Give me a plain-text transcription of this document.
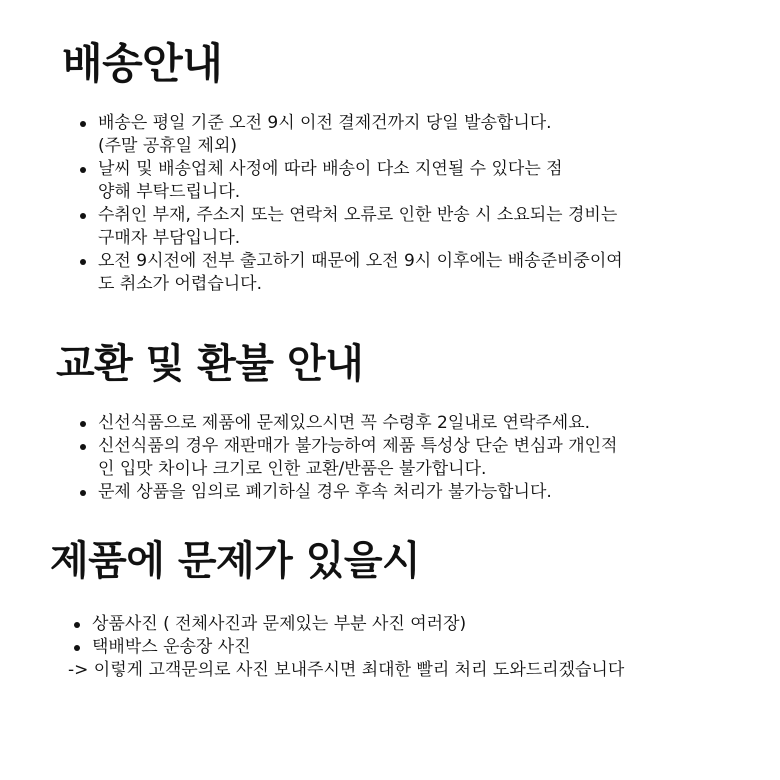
배송안내
배송은 평일 기준 오전 9시 이전 결제건까지 당일 발송합니다.
(주말 공휴일 제외)
날씨 및 배송업체 사정에 따라 배송이 다소 지연될 수 있다는 점
양해 부탁드립니다.
수취인 부재, 주소지 또는 연락처 오류로 인한 반송 시 소요되는 경비는
구매자 부담입니다.
오전 9시전에 전부 출고하기 때문에 오전 9시 이후에는 배송준비중이여
도 취소가 어렵습니다.
교환 및 환불 안내
신선식품으로 제품에 문제있으시면 꼭 수령후 2일내로 연락주세요.
신선식품의 경우 재판매가 불가능하여 제품 특성상 단순 변심과 개인적
인 입맛 차이나 크기로 인한 교환/반품은 불가합니다.
문제 상품을 임의로 폐기하실 경우 후속 처리가 불가능합니다.
제품에 문제가 있을시
상품사진 ( 전체사진과 문제있는 부분 사진 여러장)
택배박스 운송장 사진
-> 이렇게 고객문의로 사진 보내주시면 최대한 빨리 처리 도와드리겠습니다
